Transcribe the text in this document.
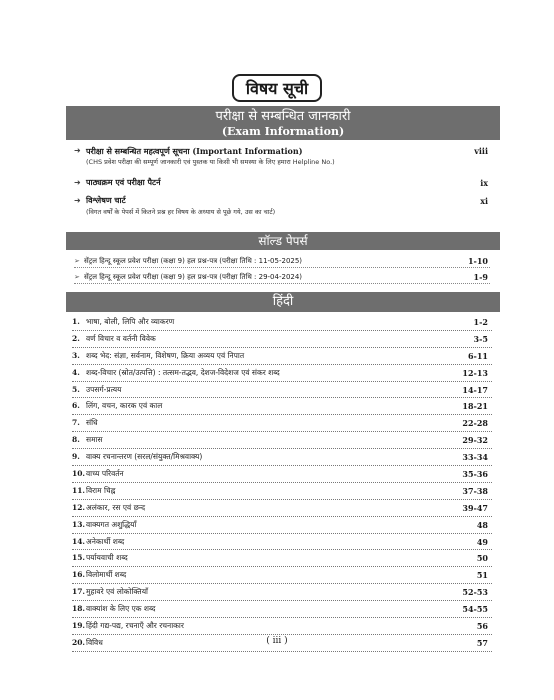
विषय सूची
परीक्षा से सम्बन्धित जानकारी
(Exam Information)
➜ परीक्षा से सम्बन्धित महत्वपूर्ण सूचना (Important Information)	viii
(CHS प्रवेश परीक्षा की सम्पूर्ण जानकारी एवं पुस्तक या किसी भी समस्या के लिए हमारा Helpline No.)
➜ पाठ्यक्रम एवं परीक्षा पैटर्न	ix
➜ विश्लेषण चार्ट	xi
(विगत वर्षों के पेपर्स में कितने प्रश्न हर विषय के अध्याय से पूछे गये, उस का चार्ट)
सॉल्ड पेपर्स
➢ सेंट्रल हिन्दू स्कूल प्रवेश परीक्षा (कक्षा 9) हल प्रश्न-पत्र (परीक्षा तिथि : 11-05-2025)	1-10
➢ सेंट्रल हिन्दू स्कूल प्रवेश परीक्षा (कक्षा 9) हल प्रश्न-पत्र (परीक्षा तिथि : 29-04-2024)	1-9
हिंदी
1. भाषा, बोली, लिपि और व्याकरण	1-2
2. वर्ण विचार व वर्तनी विवेक	3-5
3. शब्द भेद: संज्ञा, सर्वनाम, विशेषण, क्रिया अव्यय एवं निपात	6-11
4. शब्द-विचार (स्रोत/उत्पत्ति) : तत्सम-तद्भव, देशज-विदेशज एवं संकर शब्द	12-13
5. उपसर्ग-प्रत्यय	14-17
6. लिंग, वचन, कारक एवं काल	18-21
7. संधि	22-28
8. समास	29-32
9. वाक्य रचनान्तरण (सरल/संयुक्त/मिश्रवाक्य)	33-34
10. वाच्य परिवर्तन	35-36
11. विराम चिह्न	37-38
12. अलंकार, रस एवं छन्द	39-47
13. वाक्यगत अशुद्धियाँ	48
14. अनेकार्थी शब्द	49
15. पर्यायवाची शब्द	50
16. विलोमार्थी शब्द	51
17. मुहावरे एवं लोकोक्तियाँ	52-53
18. वाक्यांश के लिए एक शब्द	54-55
19. हिंदी गद्य-पद्य, रचनाएँ और रचनाकार	56
20. विविध	57
( iii )
